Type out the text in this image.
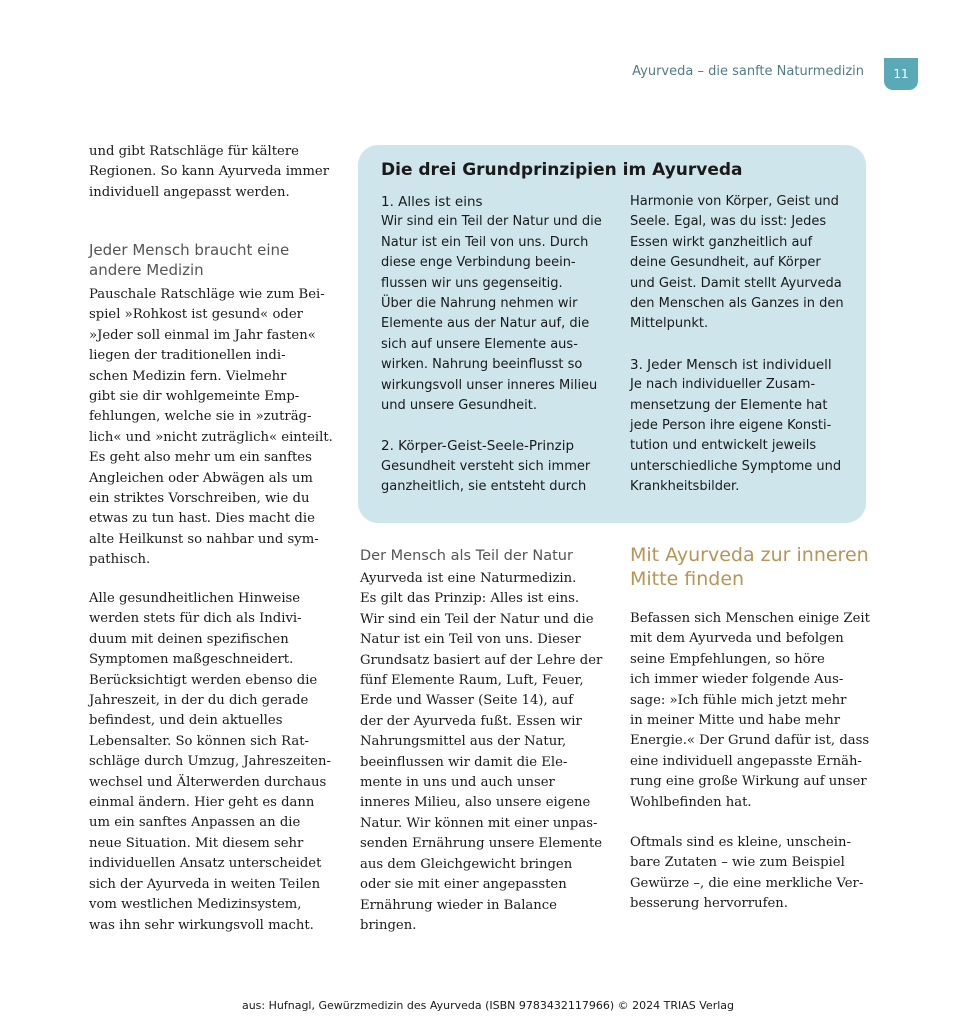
Ayurveda – die sanfte Naturmedizin	11

und gibt Ratschläge für kältere
Regionen. So kann Ayurveda immer
individuell angepasst werden.

Jeder Mensch braucht eine
andere Medizin

Pauschale Ratschläge wie zum Bei-
spiel »Rohkost ist gesund« oder
»Jeder soll einmal im Jahr fasten«
liegen der traditionellen indi-
schen Medizin fern. Vielmehr
gibt sie dir wohlgemeinte Emp-
fehlungen, welche sie in »zuträg-
lich« und »nicht zuträglich« einteilt.
Es geht also mehr um ein sanftes
Angleichen oder Abwägen als um
ein striktes Vorschreiben, wie du
etwas zu tun hast. Dies macht die
alte Heilkunst so nahbar und sym-
pathisch.

Alle gesundheitlichen Hinweise
werden stets für dich als Indivi-
duum mit deinen spezifischen
Symptomen maßgeschneidert.
Berücksichtigt werden ebenso die
Jahreszeit, in der du dich gerade
befindest, und dein aktuelles
Lebensalter. So können sich Rat-
schläge durch Umzug, Jahreszeiten-
wechsel und Älterwerden durchaus
einmal ändern. Hier geht es dann
um ein sanftes Anpassen an die
neue Situation. Mit diesem sehr
individuellen Ansatz unterscheidet
sich der Ayurveda in weiten Teilen
vom westlichen Medizinsystem,
was ihn sehr wirkungsvoll macht.

Die drei Grundprinzipien im Ayurveda

1. Alles ist eins

Wir sind ein Teil der Natur und die
Natur ist ein Teil von uns. Durch
diese enge Verbindung beein-
flussen wir uns gegenseitig.
Über die Nahrung nehmen wir
Elemente aus der Natur auf, die
sich auf unsere Elemente aus-
wirken. Nahrung beeinflusst so
wirkungsvoll unser inneres Milieu
und unsere Gesundheit.

2. Körper-Geist-Seele-Prinzip

Gesundheit versteht sich immer
ganzheitlich, sie entsteht durch

Harmonie von Körper, Geist und
Seele. Egal, was du isst: Jedes
Essen wirkt ganzheitlich auf
deine Gesundheit, auf Körper
und Geist. Damit stellt Ayurveda
den Menschen als Ganzes in den
Mittelpunkt.

3. Jeder Mensch ist individuell

Je nach individueller Zusam-
mensetzung der Elemente hat
jede Person ihre eigene Konsti-
tution und entwickelt jeweils
unterschiedliche Symptome und
Krankheitsbilder.

Der Mensch als Teil der Natur

Ayurveda ist eine Naturmedizin.
Es gilt das Prinzip: Alles ist eins.
Wir sind ein Teil der Natur und die
Natur ist ein Teil von uns. Dieser
Grundsatz basiert auf der Lehre der
fünf Elemente Raum, Luft, Feuer,
Erde und Wasser (Seite 14), auf
der der Ayurveda fußt. Essen wir
Nahrungsmittel aus der Natur,
beeinflussen wir damit die Ele-
mente in uns und auch unser
inneres Milieu, also unsere eigene
Natur. Wir können mit einer unpas-
senden Ernährung unsere Elemente
aus dem Gleichgewicht bringen
oder sie mit einer angepassten
Ernährung wieder in Balance
bringen.

Mit Ayurveda zur inneren
Mitte finden

Befassen sich Menschen einige Zeit
mit dem Ayurveda und befolgen
seine Empfehlungen, so höre
ich immer wieder folgende Aus-
sage: »Ich fühle mich jetzt mehr
in meiner Mitte und habe mehr
Energie.« Der Grund dafür ist, dass
eine individuell angepasste Ernäh-
rung eine große Wirkung auf unser
Wohlbefinden hat.

Oftmals sind es kleine, unschein-
bare Zutaten – wie zum Beispiel
Gewürze –, die eine merkliche Ver-
besserung hervorrufen.

aus: Hufnagl, Gewürzmedizin des Ayurveda (ISBN 9783432117966) © 2024 TRIAS Verlag
